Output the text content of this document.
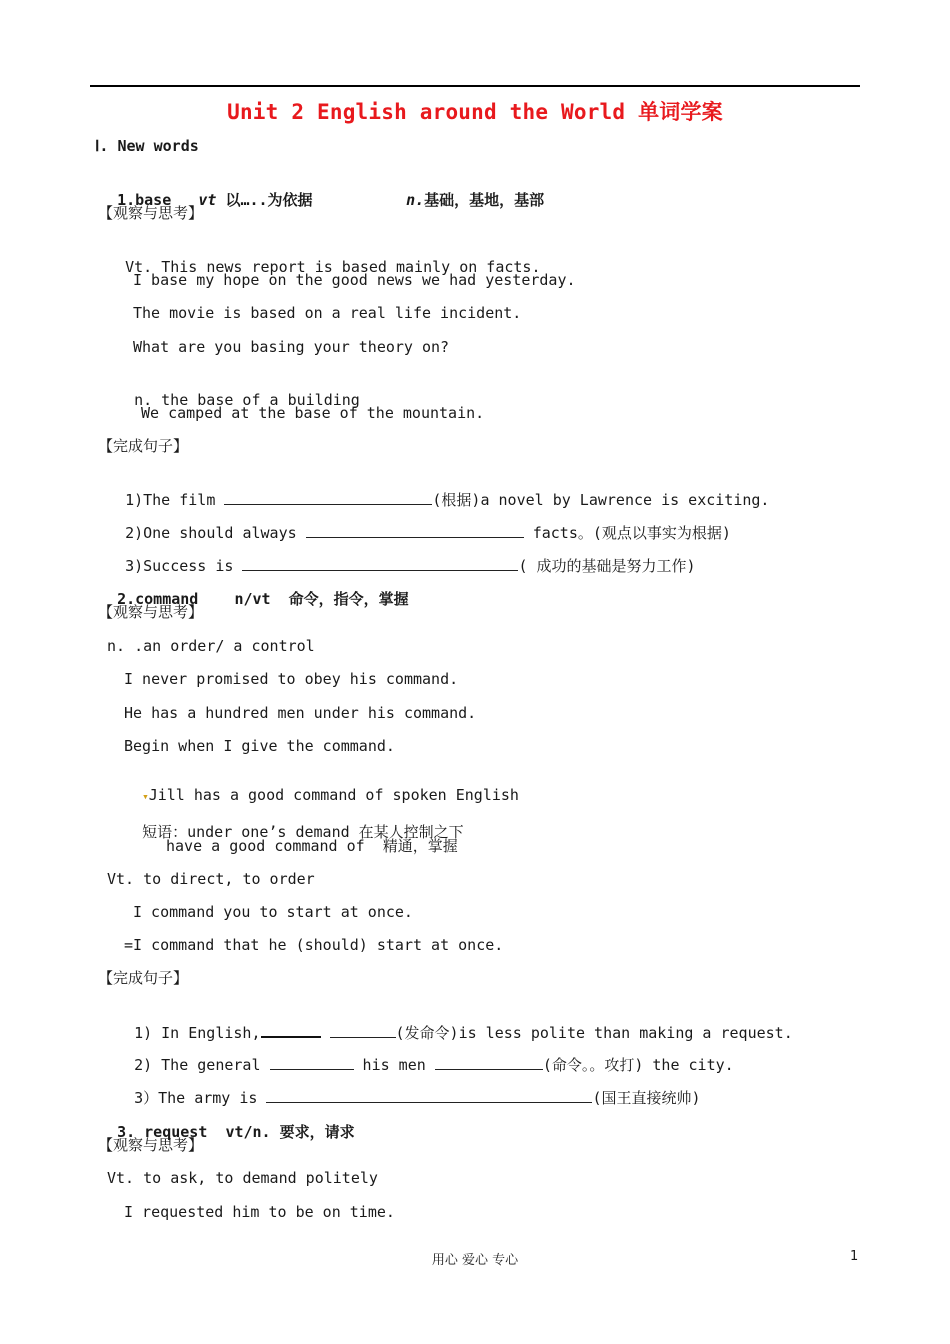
Unit 2 English around the World 单词学案
Ⅰ. New words

1.base vt 以…..为依据	n.基础，基地，基部

【观察与思考】

Vt. This news report is based mainly on facts.

I base my hope on the good news we had yesterday.
The movie is based on a real life incident.
What are you basing your theory on?

n. the base of a building

We camped at the base of the mountain.
【完成句子】

1)The film	(根据)a novel by Lawrence is exciting.

2)One should always	facts。(观点以事实为根据)

3)Success is	( 成功的基础是努力工作)

2.command n/vt 命令，指令，掌握

【观察与思考】
n. .an order/ a control
I never promised to obey his command.
He has a hundred men under his command.
Begin when I give the command.

▾Jill has a good command of spoken English

短语：under one’s demand 在某人控制之下

have a good command of  精通，掌握
Vt. to direct, to order
I command you to start at once.
=I command that he (should) start at once.
【完成句子】

1) In English,	(发命令)is less polite than making a request.

2) The general	his men	(命令。。攻打) the city.

3）The army is	(国王直接统帅)

3. request vt/n. 要求，请求

【观察与思考】
Vt. to ask, to demand politely
I requested him to be on time.
用心 爱心 专心	1
